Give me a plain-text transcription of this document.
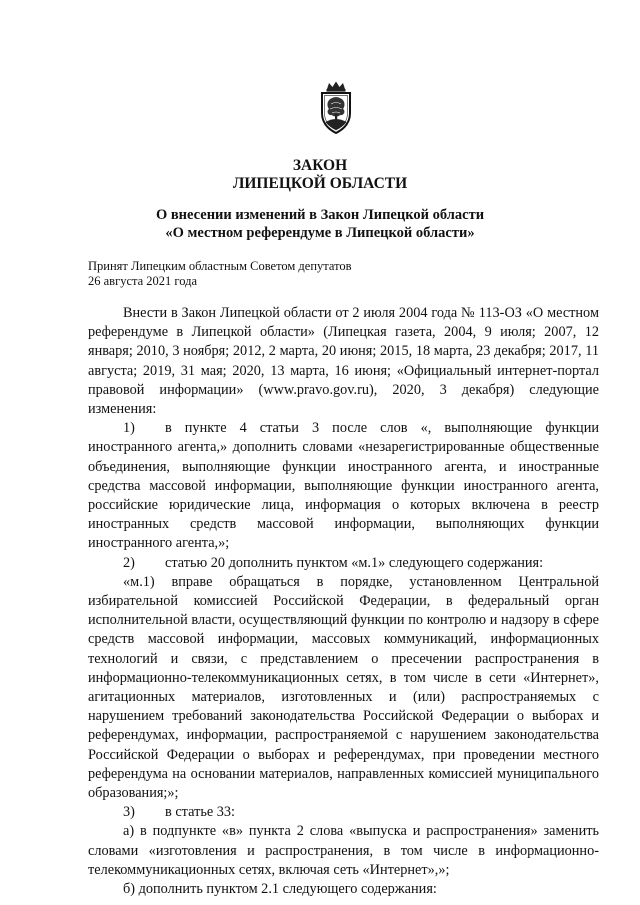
ЗАКОН
ЛИПЕЦКОЙ ОБЛАСТИ
О внесении изменений в Закон Липецкой области
«О местном референдуме в Липецкой области»
Принят Липецким областным Советом депутатов
26 августа 2021 года

Внести в Закон Липецкой области от 2 июля 2004 года № 113-ОЗ «О местном референдуме в Липецкой области» (Липецкая газета, 2004, 9 июля; 2007, 12 января; 2010, 3 ноября; 2012, 2 марта, 20 июня; 2015, 18 марта, 23 декабря; 2017, 11 августа; 2019, 31 мая; 2020, 13 марта, 16 июня; «Официальный интернет-портал правовой информации» (www.pravo.gov.ru), 2020, 3 декабря) следующие изменения:

1) в пункте 4 статьи 3 после слов «, выполняющие функции иностранного агента,» дополнить словами «незарегистрированные общественные объединения, выполняющие функции иностранного агента, и иностранные средства массовой информации, выполняющие функции иностранного агента, российские юридические лица, информация о которых включена в реестр иностранных средств массовой информации, выполняющих функции иностранного агента,»;

2) статью 20 дополнить пунктом «м.1» следующего содержания:

«м.1) вправе обращаться в порядке, установленном Центральной избирательной комиссией Российской Федерации, в федеральный орган исполнительной власти, осуществляющий функции по контролю и надзору в сфере средств массовой информации, массовых коммуникаций, информационных технологий и связи, с представлением о пресечении распространения в информационно-телекоммуникационных сетях, в том числе в сети «Интернет», агитационных материалов, изготовленных и (или) распространяемых с нарушением требований законодательства Российской Федерации о выборах и референдумах, информации, распространяемой с нарушением законодательства Российской Федерации о выборах и референдумах, при проведении местного референдума на основании материалов, направленных комиссией муниципального образования;»;

3) в статье 33:

а) в подпункте «в» пункта 2 слова «выпуска и распространения» заменить словами «изготовления и распространения, в том числе в информационно-телекоммуникационных сетях, включая сеть «Интернет»,»;

б) дополнить пунктом 2.1 следующего содержания:
